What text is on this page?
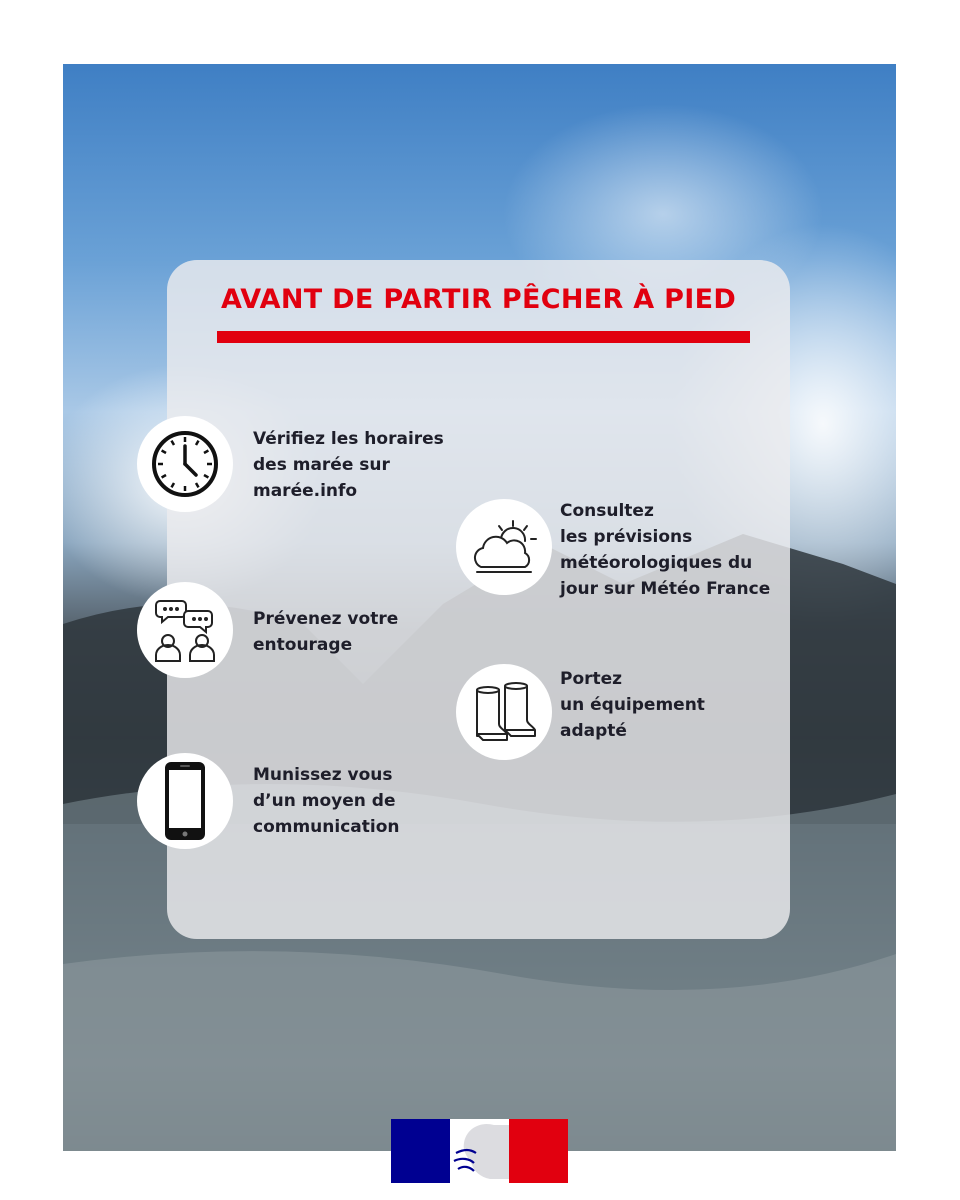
AVANT DE PARTIR PÊCHER À PIED
Vérifiez les horaires
des marée sur
marée.info
Consultez
les prévisions
météorologiques du
jour sur Météo France
Prévenez votre
entourage
Portez
un équipement
adapté
Munissez vous
d’un moyen de
communication
